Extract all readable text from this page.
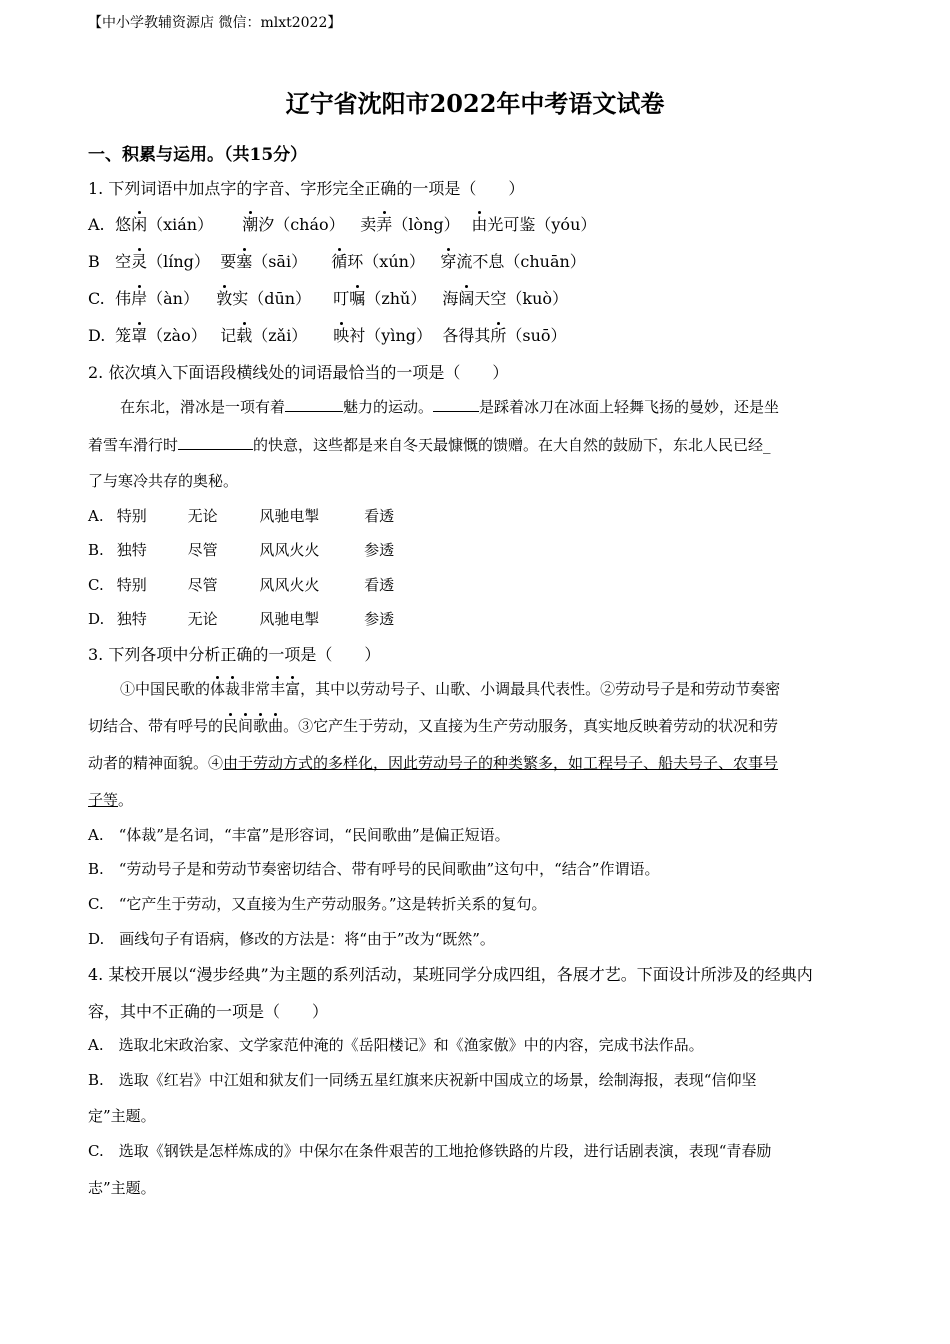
【中小学教辅资源店 微信：mlxt2022】
辽宁省沈阳市2022年中考语文试卷
一、积累与运用。（共15分）
1. 下列词语中加点字的字音、字形完全正确的一项是（　　）
A. 悠闲（xián） 潮汐（cháo） 卖弄（lòng） 由光可鉴（yóu）
B 空灵（líng） 要塞（sāi） 循环（xún） 穿流不息（chuān）
C. 伟岸（àn） 敦实（dūn） 叮嘱（zhǔ） 海阔天空（kuò）
D. 笼罩（zào） 记载（zǎi） 映衬（yìng） 各得其所（suō）
2. 依次填入下面语段横线处的词语最恰当的一项是（　　）
在东北，滑冰是一项有着	魅力的运动。	是踩着冰刀在冰面上轻舞飞扬的曼妙，还是坐
着雪车滑行时	的快意，这些都是来自冬天最慷慨的馈赠。在大自然的鼓励下，东北人民已经_
了与寒冷共存的奥秘。
A. 特别	无论	风驰电掣	看透
B. 独特	尽管	风风火火	参透
C. 特别	尽管	风风火火	看透
D. 独特	无论	风驰电掣	参透
3. 下列各项中分析正确的一项是（　　）
①中国民歌的体裁非常丰富，其中以劳动号子、山歌、小调最具代表性。②劳动号子是和劳动节奏密
切结合、带有呼号的民间歌曲。③它产生于劳动，又直接为生产劳动服务，真实地反映着劳动的状况和劳
动者的精神面貌。④由于劳动方式的多样化，因此劳动号子的种类繁多，如工程号子、船夫号子、农事号
子等。
A.　“体裁”是名词，“丰富”是形容词，“民间歌曲”是偏正短语。
B.　“劳动号子是和劳动节奏密切结合、带有呼号的民间歌曲”这句中，“结合”作谓语。
C.　“它产生于劳动，又直接为生产劳动服务。”这是转折关系的复句。
D.　画线句子有语病，修改的方法是：将“由于”改为“既然”。
4. 某校开展以“漫步经典”为主题的系列活动，某班同学分成四组，各展才艺。下面设计所涉及的经典内
容，其中不正确的一项是（　　）
A.　选取北宋政治家、文学家范仲淹的《岳阳楼记》和《渔家傲》中的内容，完成书法作品。
B.　选取《红岩》中江姐和狱友们一同绣五星红旗来庆祝新中国成立的场景，绘制海报，表现“信仰坚
定”主题。
C.　选取《钢铁是怎样炼成的》中保尔在条件艰苦的工地抢修铁路的片段，进行话剧表演，表现“青春励
志”主题。
